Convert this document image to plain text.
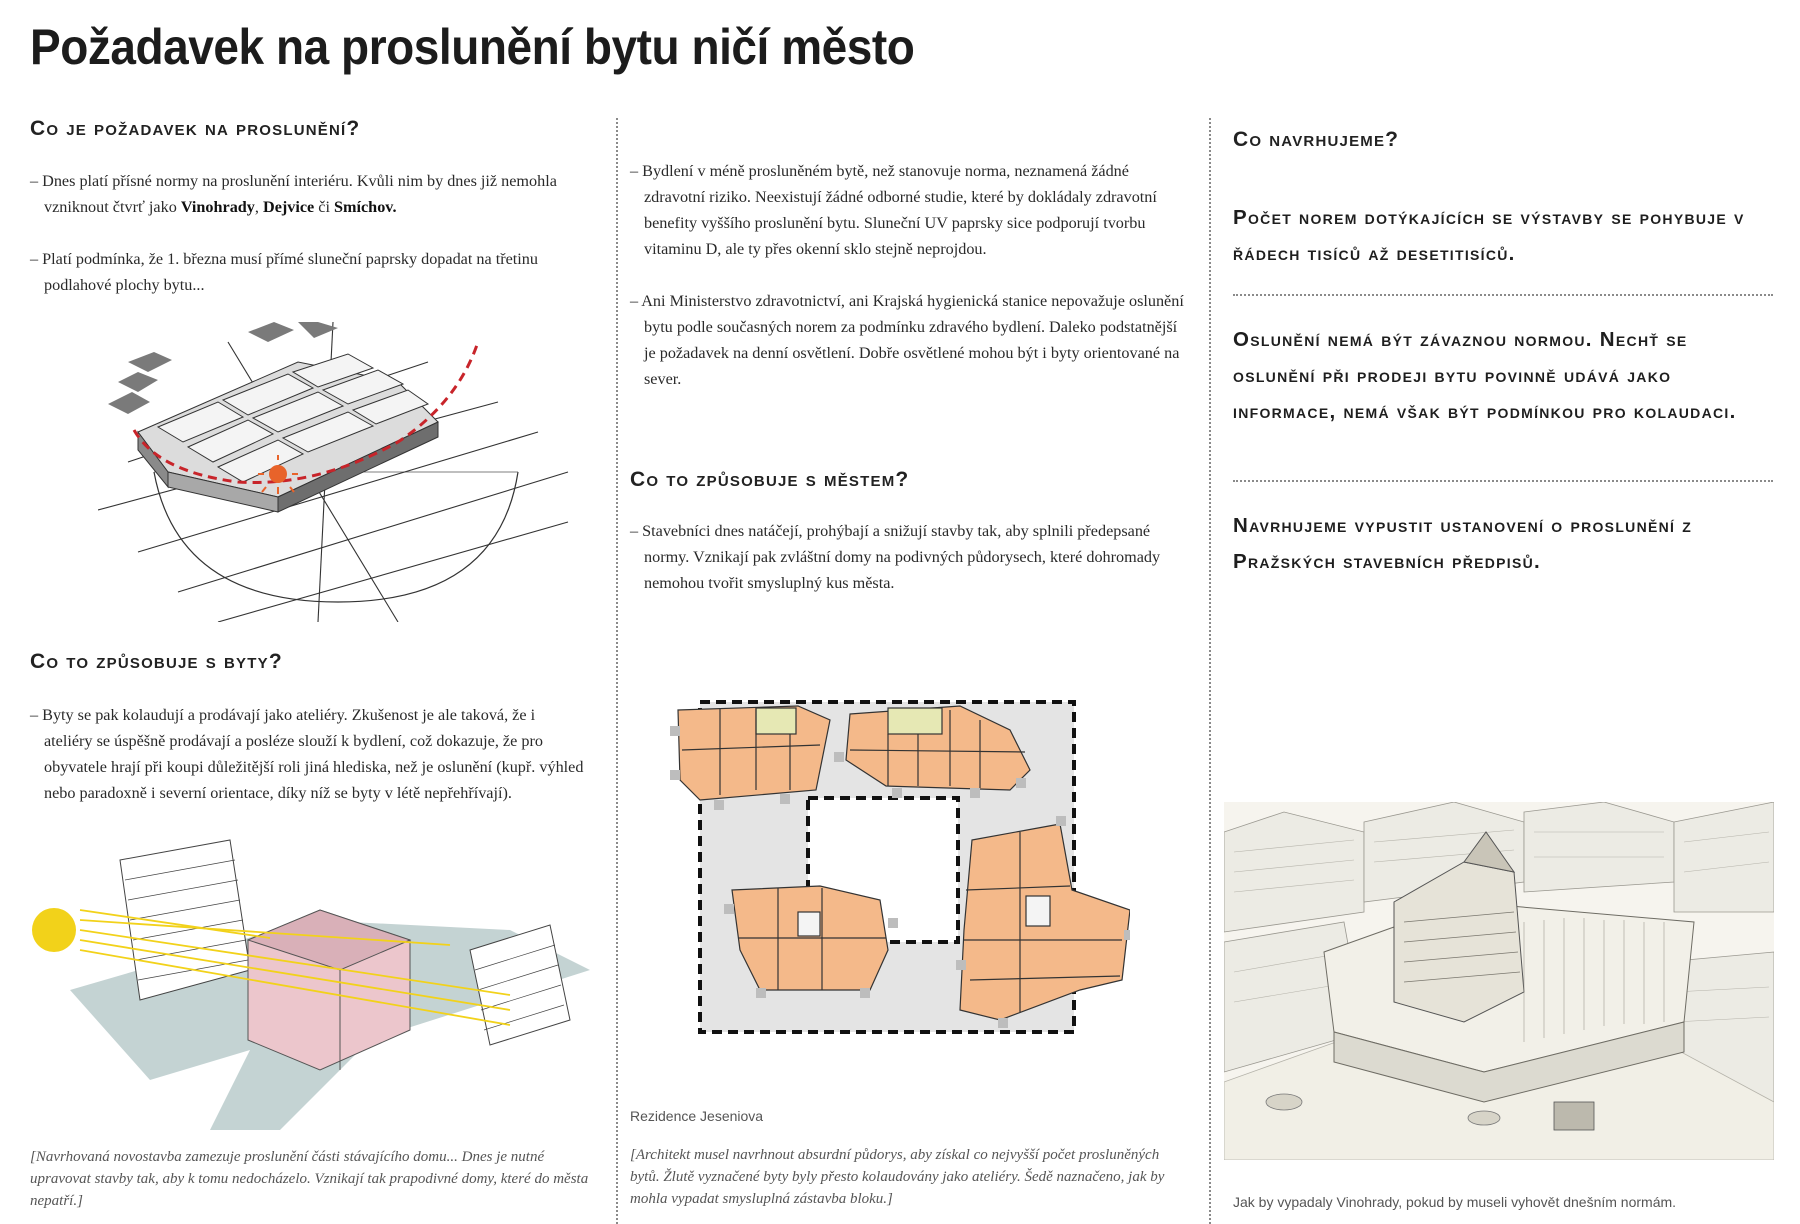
Požadavek na proslunění bytu ničí město
Co je požadavek na proslunění?

– Dnes platí přísné normy na proslunění interiéru. Kvůli nim by dnes již nemohla vzniknout čtvrť jako Vinohrady, Dejvice či Smíchov.

– Platí podmínka, že 1. března musí přímé sluneční paprsky dopadat na třetinu podlahové plochy bytu...

Co to způsobuje s byty?

– Byty se pak kolaudují a prodávají jako ateliéry. Zkušenost je ale taková, že i ateliéry se úspěšně prodávají a posléze slouží k bydlení, což dokazuje, že pro obyvatele hrají při koupi důležitější roli jiná hlediska, než je oslunění (kupř. výhled nebo paradoxně i severní orientace, díky níž se byty v létě nepřehřívají).

[Navrhovaná novostavba zamezuje proslunění části stávajícího domu... Dnes je nutné upravovat stavby tak, aby k tomu nedocházelo. Vznikají tak prapodivné domy, které do města nepatří.]

– Bydlení v méně prosluněném bytě, než stanovuje norma, neznamená žádné zdravotní riziko. Neexistují žádné odborné studie, které by dokládaly zdravotní benefity vyššího proslunění bytu. Sluneční UV paprsky sice podporují tvorbu vitaminu D, ale ty přes okenní sklo stejně neprojdou.

– Ani Ministerstvo zdravotnictví, ani Krajská hygienická stanice nepovažuje oslunění bytu podle současných norem za podmínku zdravého bydlení. Daleko podstatnější je požadavek na denní osvětlení. Dobře osvětlené mohou být i byty orientované na sever.

Co to způsobuje s městem?

– Stavebníci dnes natáčejí, prohýbají a snižují stavby tak, aby splnili předepsané normy. Vznikají pak zvláštní domy na podivných půdorysech, které dohromady nemohou tvořit smysluplný kus města.

Rezidence Jeseniova
[Architekt musel navrhnout absurdní půdorys, aby získal co nejvyšší počet prosluněných bytů. Žlutě vyznačené byty byly přesto kolaudovány jako ateliéry. Šedě naznačeno, jak by mohla vypadat smysluplná zástavba bloku.]
Co navrhujeme?
Počet norem dotýkajících se výstavby se pohybuje v řádech tisíců až desetitisíců.
Oslunění nemá být závaznou normou. Nechť se oslunění při prodeji bytu povinně udává jako informace, nemá však být podmínkou pro kolaudaci.
Navrhujeme vypustit ustanovení o proslunění z Pražských stavebních předpisů.
Jak by vypadaly Vinohrady, pokud by museli vyhovět dnešním normám.
